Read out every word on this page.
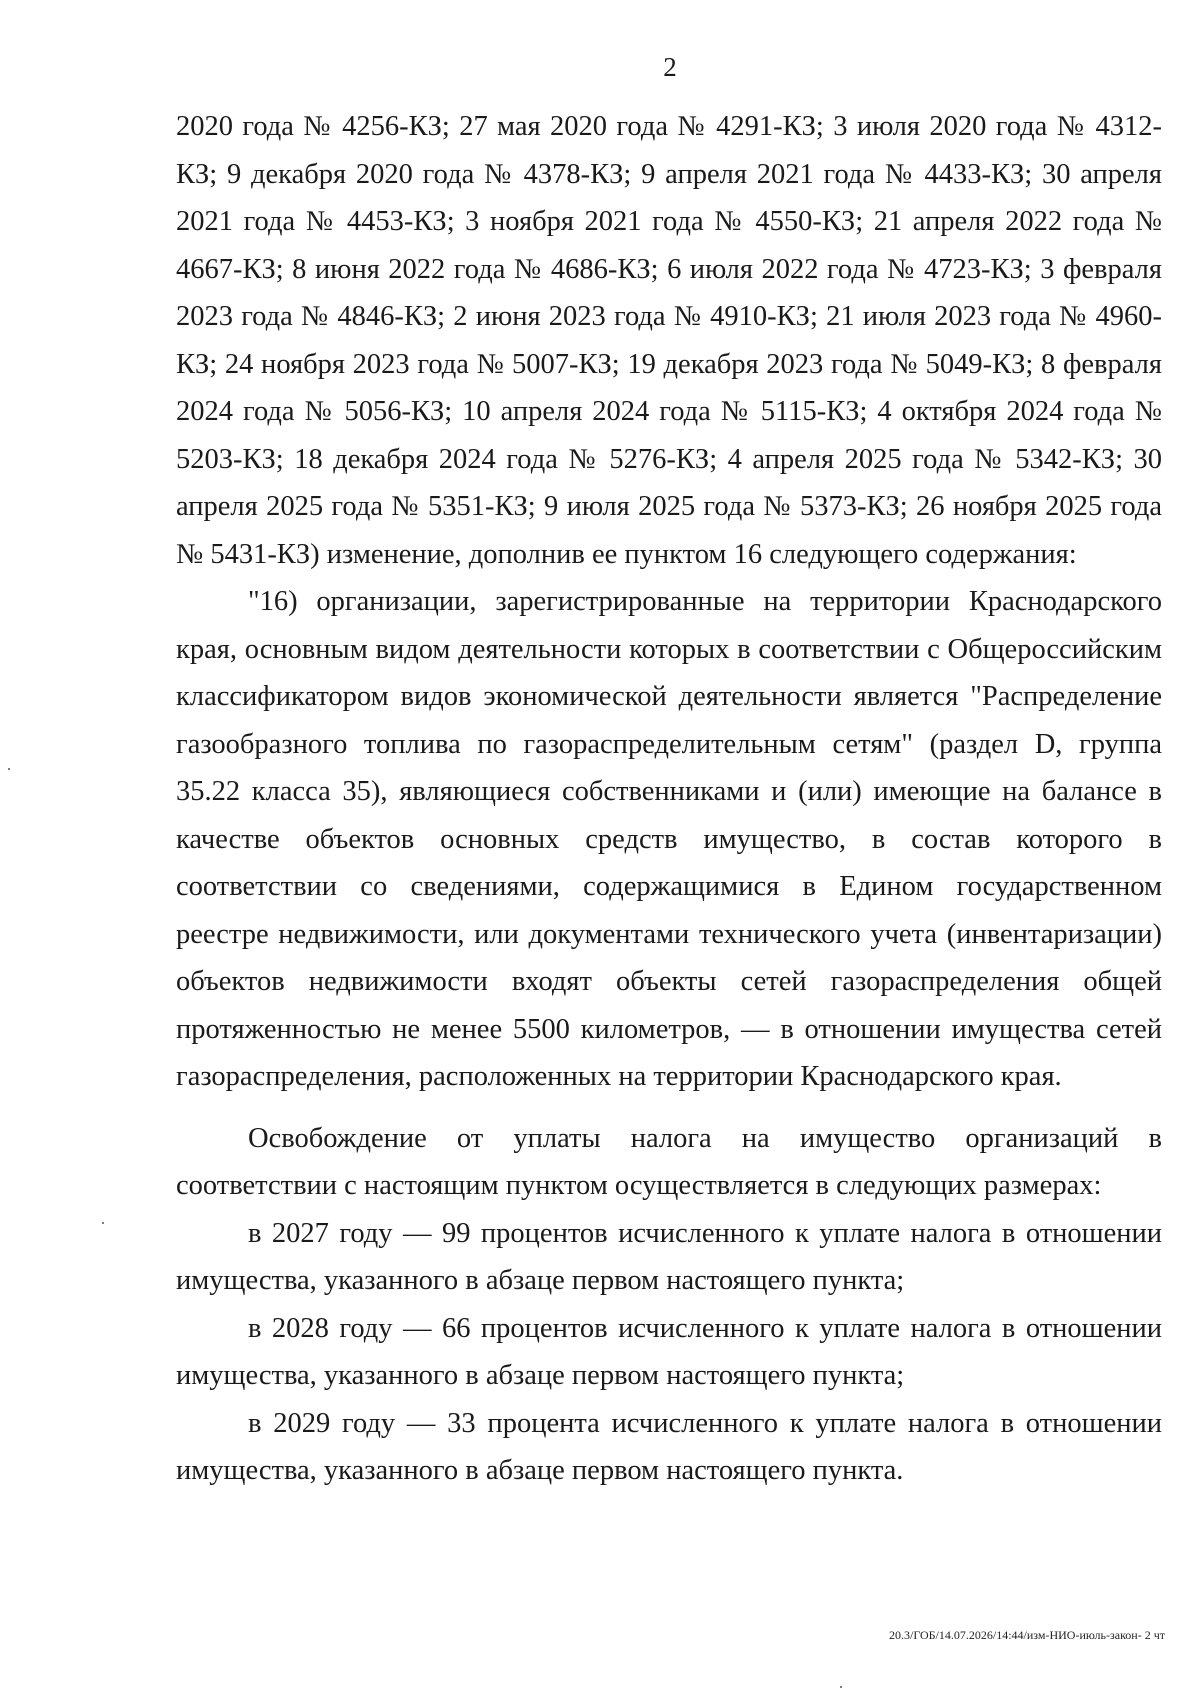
2

2020 года № 4256-КЗ; 27 мая 2020 года № 4291-КЗ; 3 июля 2020 года № 4312-КЗ; 9 декабря 2020 года № 4378-КЗ; 9 апреля 2021 года № 4433-КЗ; 30 апреля 2021 года № 4453-КЗ; 3 ноября 2021 года № 4550-КЗ; 21 апреля 2022 года № 4667-КЗ; 8 июня 2022 года № 4686-КЗ; 6 июля 2022 года № 4723-КЗ; 3 февраля 2023 года № 4846-КЗ; 2 июня 2023 года № 4910-КЗ; 21 июля 2023 года № 4960-КЗ; 24 ноября 2023 года № 5007-КЗ; 19 декабря 2023 года № 5049-КЗ; 8 февраля 2024 года № 5056-КЗ; 10 апреля 2024 года № 5115-КЗ; 4 октября 2024 года № 5203-КЗ; 18 декабря 2024 года № 5276-КЗ; 4 апреля 2025 года № 5342-КЗ; 30 апреля 2025 года № 5351-КЗ; 9 июля 2025 года № 5373-КЗ; 26 ноября 2025 года № 5431-КЗ) изменение, дополнив ее пунктом 16 следующего содержания:

"16) организации, зарегистрированные на территории Краснодарского края, основным видом деятельности которых в соответствии с Общероссийским классификатором видов экономической деятельности является "Распределение газообразного топлива по газораспределительным сетям" (раздел D, группа 35.22 класса 35), являющиеся собственниками и (или) имеющие на балансе в качестве объектов основных средств имущество, в состав которого в соответствии со сведениями, содержащимися в Едином государственном реестре недвижимости, или документами технического учета (инвентаризации) объектов недвижимости входят объекты сетей газораспределения общей протяженностью не менее 5500 километров, — в отношении имущества сетей газораспределения, расположенных на территории Краснодарского края.

Освобождение от уплаты налога на имущество организаций в соответствии с настоящим пунктом осуществляется в следующих размерах:

в 2027 году — 99 процентов исчисленного к уплате налога в отношении имущества, указанного в абзаце первом настоящего пункта;

в 2028 году — 66 процентов исчисленного к уплате налога в отношении имущества, указанного в абзаце первом настоящего пункта;

в 2029 году — 33 процента исчисленного к уплате налога в отношении имущества, указанного в абзаце первом настоящего пункта.

20.3/ГОБ/14.07.2026/14:44/изм-НИО-июль-закон- 2 чт
